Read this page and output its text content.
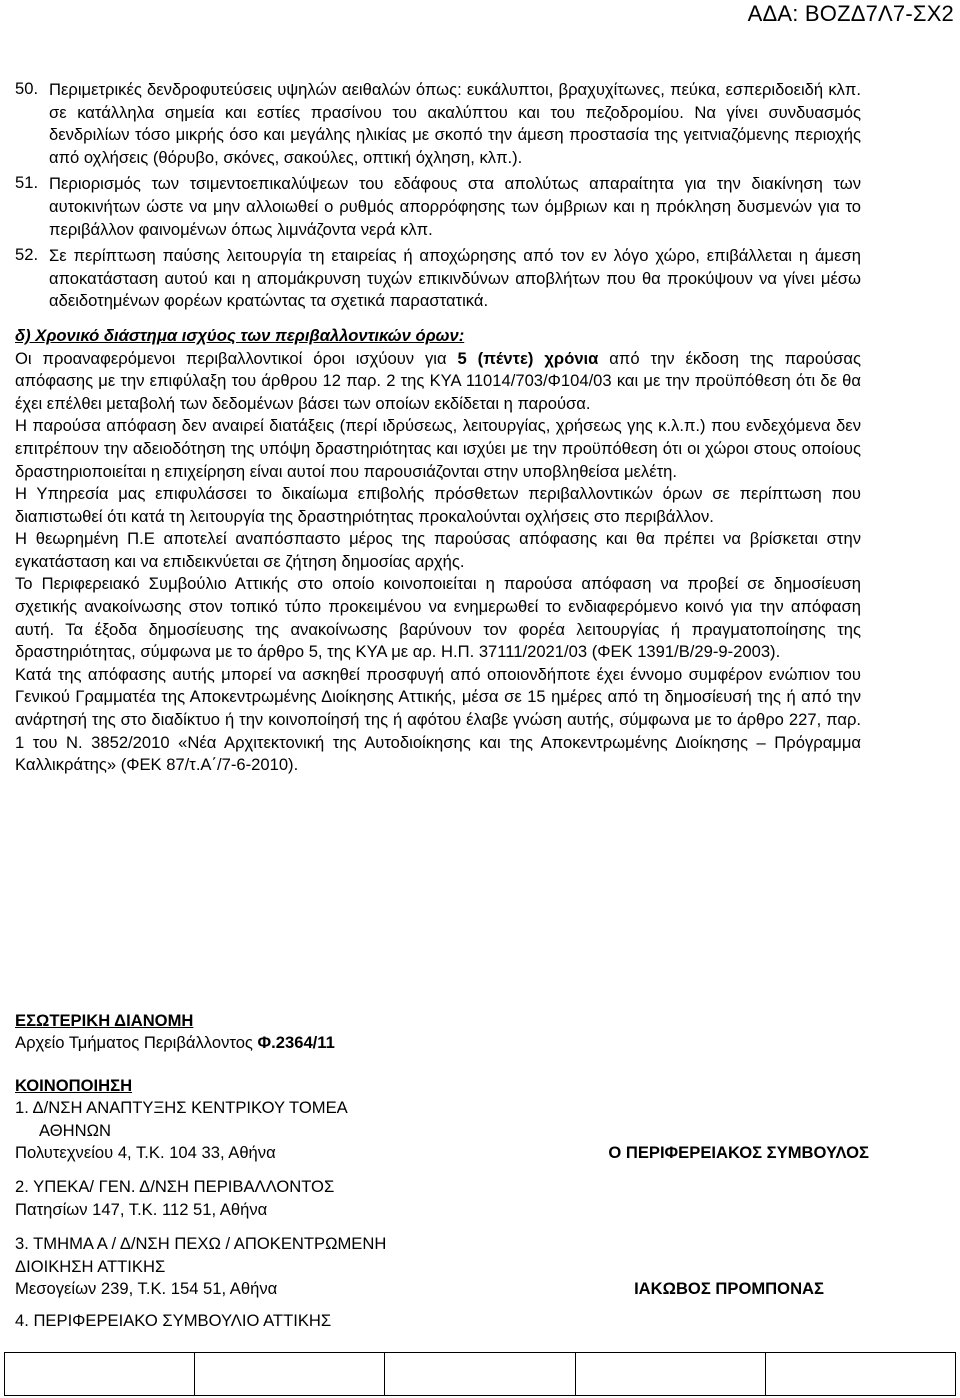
ΑΔΑ: ΒΟΖΔ7Λ7-ΣΧ2
50. Περιμετρικές δενδροφυτεύσεις υψηλών αειθαλών όπως: ευκάλυπτοι, βραχυχίτωνες, πεύκα, εσπεριδοειδή κλπ. σε κατάλληλα σημεία και εστίες πρασίνου του ακαλύπτου και του πεζοδρομίου. Να γίνει συνδυασμός δενδριλίων τόσο μικρής όσο και μεγάλης ηλικίας με σκοπό την άμεση προστασία της γειτνιαζόμενης περιοχής από οχλήσεις (θόρυβο, σκόνες, σακούλες, οπτική όχληση, κλπ.).
51. Περιορισμός των τσιμεντοεπικαλύψεων του εδάφους στα απολύτως απαραίτητα για την διακίνηση των αυτοκινήτων ώστε να μην αλλοιωθεί ο ρυθμός απορρόφησης των όμβριων και η πρόκληση δυσμενών για το περιβάλλον φαινομένων όπως λιμνάζοντα νερά κλπ.
52. Σε περίπτωση παύσης λειτουργία τη εταιρείας ή αποχώρησης από τον εν λόγο χώρο, επιβάλλεται η άμεση αποκατάσταση αυτού και η απομάκρυνση τυχών επικινδύνων αποβλήτων που θα προκύψουν να γίνει μέσω αδειδοτημένων φορέων κρατώντας τα σχετικά παραστατικά.

δ) Χρονικό διάστημα ισχύος των περιβαλλοντικών όρων:

Οι προαναφερόμενοι περιβαλλοντικοί όροι ισχύουν για 5 (πέντε) χρόνια από την έκδοση της παρούσας απόφασης με την επιφύλαξη του άρθρου 12 παρ. 2 της ΚΥΑ 11014/703/Φ104/03 και με την προϋπόθεση ότι δε θα έχει επέλθει μεταβολή των δεδομένων βάσει των οποίων εκδίδεται η παρούσα.

Η παρούσα απόφαση δεν αναιρεί διατάξεις (περί ιδρύσεως, λειτουργίας, χρήσεως γης κ.λ.π.) που ενδεχόμενα δεν επιτρέπουν την αδειοδότηση της υπόψη δραστηριότητας και ισχύει με την προϋπόθεση ότι οι χώροι στους οποίους δραστηριοποιείται η επιχείρηση είναι αυτοί που παρουσιάζονται στην υποβληθείσα μελέτη.

Η Υπηρεσία μας επιφυλάσσει το δικαίωμα επιβολής πρόσθετων περιβαλλοντικών όρων σε περίπτωση που διαπιστωθεί ότι κατά τη λειτουργία της δραστηριότητας προκαλούνται οχλήσεις στο περιβάλλον.

Η θεωρημένη Π.Ε αποτελεί αναπόσπαστο μέρος της παρούσας απόφασης και θα πρέπει να βρίσκεται στην εγκατάσταση και να επιδεικνύεται σε ζήτηση δημοσίας αρχής.

Το Περιφερειακό Συμβούλιο Αττικής στο οποίο κοινοποιείται η παρούσα απόφαση να προβεί σε δημοσίευση σχετικής ανακοίνωσης στον τοπικό τύπο προκειμένου να ενημερωθεί το ενδιαφερόμενο κοινό για την απόφαση αυτή. Τα έξοδα δημοσίευσης της ανακοίνωσης βαρύνουν τον φορέα λειτουργίας ή πραγματοποίησης της δραστηριότητας, σύμφωνα με το άρθρο 5, της ΚΥΑ με αρ. Η.Π. 37111/2021/03 (ΦΕΚ 1391/Β/29-9-2003).

Κατά της απόφασης αυτής μπορεί να ασκηθεί προσφυγή από οποιονδήποτε έχει έννομο συμφέρον ενώπιον του Γενικού Γραμματέα της Αποκεντρωμένης Διοίκησης Αττικής, μέσα σε 15 ημέρες από τη δημοσίευσή της ή από την ανάρτησή της στο διαδίκτυο ή την κοινοποίησή της ή αφότου έλαβε γνώση αυτής, σύμφωνα με το άρθρο 227, παρ. 1 του Ν. 3852/2010 «Νέα Αρχιτεκτονική της Αυτοδιοίκησης και της Αποκεντρωμένης Διοίκησης – Πρόγραμμα Καλλικράτης» (ΦΕΚ 87/τ.Α΄/7-6-2010).

ΕΣΩΤΕΡΙΚΗ ΔΙΑΝΟΜΗ
Αρχείο Τμήματος Περιβάλλοντος Φ.2364/11
ΚΟΙΝΟΠΟΙΗΣΗ
1. Δ/ΝΣΗ ΑΝΑΠΤΥΞΗΣ ΚΕΝΤΡΙΚΟΥ ΤΟΜΕΑ
ΑΘΗΝΩΝ
Πολυτεχνείου 4, Τ.Κ. 104 33, Αθήνα	Ο ΠΕΡΙΦΕΡΕΙΑΚΟΣ ΣΥΜΒΟΥΛΟΣ
2. ΥΠΕΚΑ/ ΓΕΝ. Δ/ΝΣΗ ΠΕΡΙΒΑΛΛΟΝΤΟΣ
Πατησίων 147, Τ.Κ. 112 51, Αθήνα
3. ΤΜΗΜΑ Α / Δ/ΝΣΗ ΠΕΧΩ / ΑΠΟΚΕΝΤΡΩΜΕΝΗ
ΔΙΟΙΚΗΣΗ ΑΤΤΙΚΗΣ
Μεσογείων 239, Τ.Κ. 154 51, Αθήνα	ΙΑΚΩΒΟΣ ΠΡΟΜΠΟΝΑΣ
4. ΠΕΡΙΦΕΡΕΙΑΚΟ ΣΥΜΒΟΥΛΙΟ ΑΤΤΙΚΗΣ
